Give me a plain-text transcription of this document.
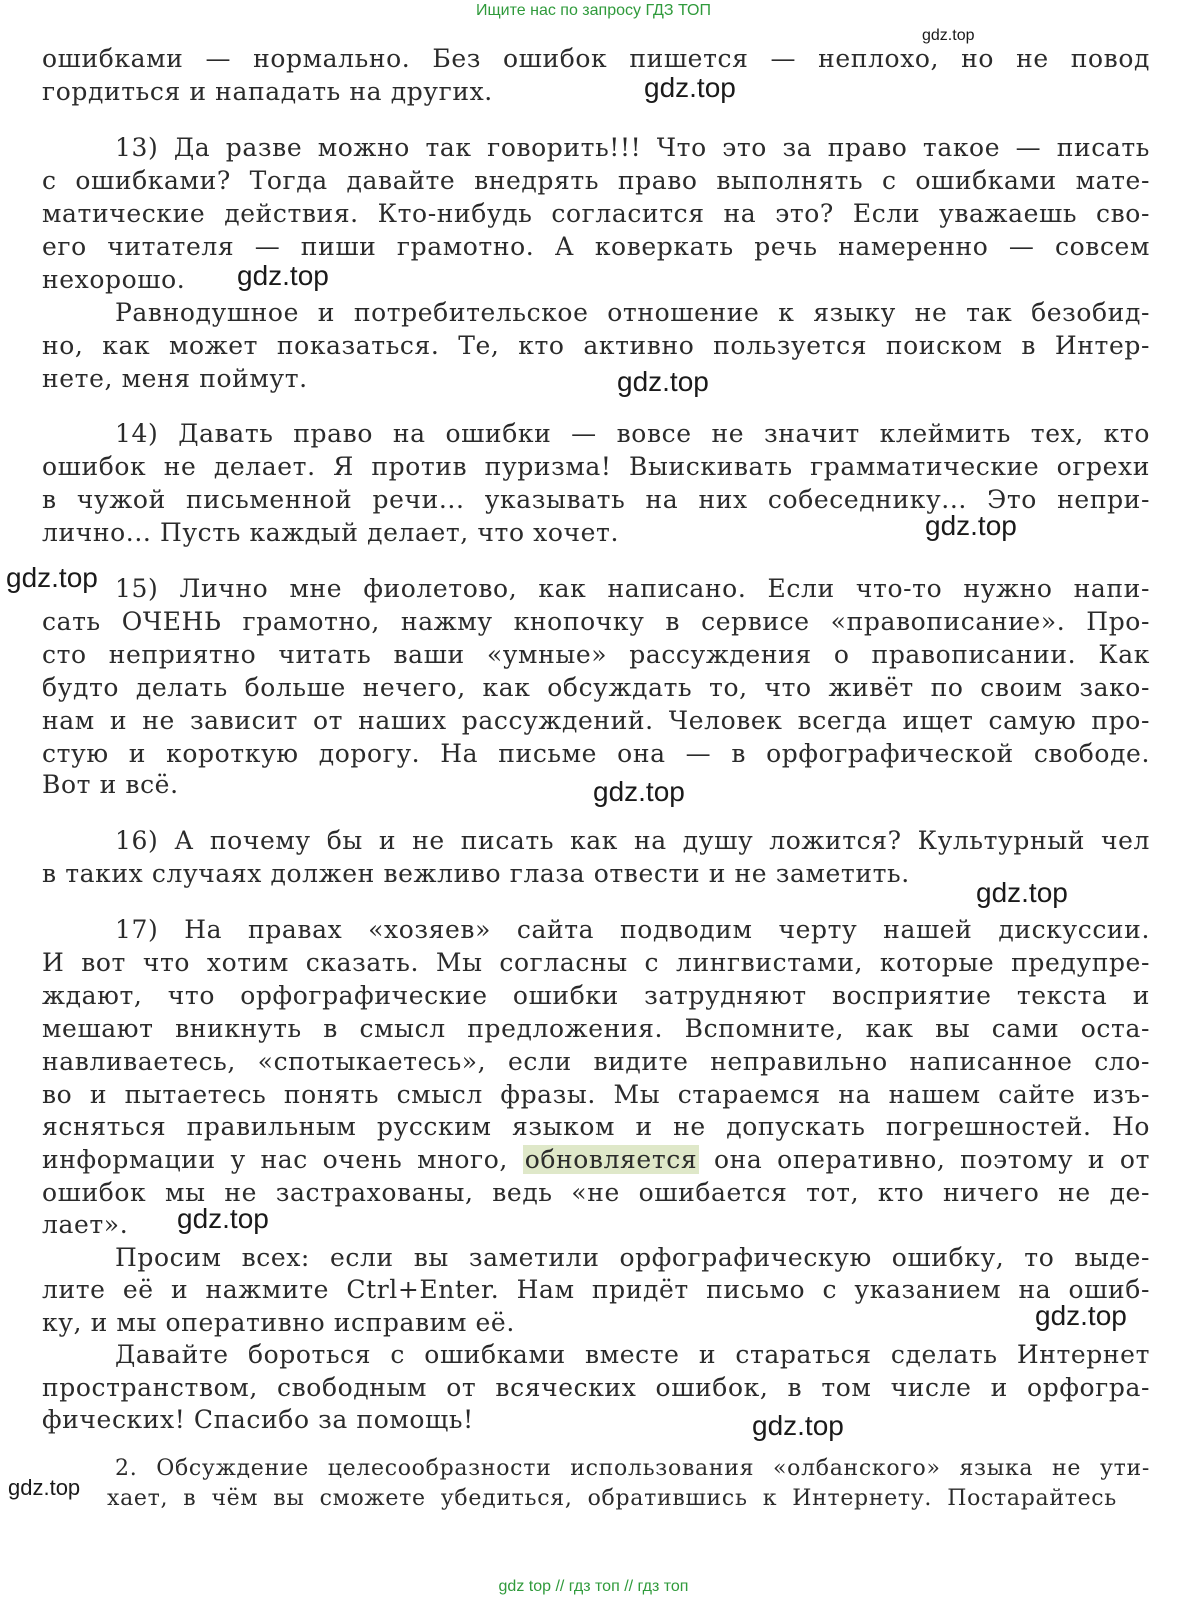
Ищите нас по запросу ГДЗ ТОП
ошибками — нормально. Без ошибок пишется — неплохо, но не повод
гордиться и нападать на других.
13) Да разве можно так говорить!!! Что это за право такое — писать
с ошибками? Тогда давайте внедрять право выполнять с ошибками мате-
матические действия. Кто-нибудь согласится на это? Если уважаешь сво-
его читателя — пиши грамотно. А коверкать речь намеренно — совсем
нехорошо.
Равнодушное и потребительское отношение к языку не так безобид-
но, как может показаться. Те, кто активно пользуется поиском в Интер-
нете, меня поймут.
14) Давать право на ошибки — вовсе не значит клеймить тех, кто
ошибок не делает. Я против пуризма! Выискивать грамматические огрехи
в чужой письменной речи... указывать на них собеседнику... Это непри-
лично... Пусть каждый делает, что хочет.
15) Лично мне фиолетово, как написано. Если что-то нужно напи-
сать ОЧЕНЬ грамотно, нажму кнопочку в сервисе «правописание». Про-
сто неприятно читать ваши «умные» рассуждения о правописании. Как
будто делать больше нечего, как обсуждать то, что живёт по своим зако-
нам и не зависит от наших рассуждений. Человек всегда ищет самую про-
стую и короткую дорогу. На письме она — в орфографической свободе.
Вот и всё.
16) А почему бы и не писать как на душу ложится? Культурный чел
в таких случаях должен вежливо глаза отвести и не заметить.
17) На правах «хозяев» сайта подводим черту нашей дискуссии.
И вот что хотим сказать. Мы согласны с лингвистами, которые предупре-
ждают, что орфографические ошибки затрудняют восприятие текста и
мешают вникнуть в смысл предложения. Вспомните, как вы сами оста-
навливаетесь, «спотыкаетесь», если видите неправильно написанное сло-
во и пытаетесь понять смысл фразы. Мы стараемся на нашем сайте изъ-
ясняться правильным русским языком и не допускать погрешностей. Но
информации у нас очень много, обновляется она оперативно, поэтому и от
ошибок мы не застрахованы, ведь «не ошибается тот, кто ничего не де-
лает».
Просим всех: если вы заметили орфографическую ошибку, то выде-
лите её и нажмите Ctrl+Enter. Нам придёт письмо с указанием на ошиб-
ку, и мы оперативно исправим её.
Давайте бороться с ошибками вместе и стараться сделать Интернет
пространством, свободным от всяческих ошибок, в том числе и орфогра-
фических! Спасибо за помощь!
2. Обсуждение целесообразности использования «олбанского» языка не ути-
хает, в чём вы сможете убедиться, обратившись к Интернету. Постарайтесь
gdz.top
gdz.top
gdz.top
gdz.top
gdz.top
gdz.top
gdz.top
gdz.top
gdz.top
gdz.top
gdz.top
gdz.top
gdz top // гдз топ // гдз топ
